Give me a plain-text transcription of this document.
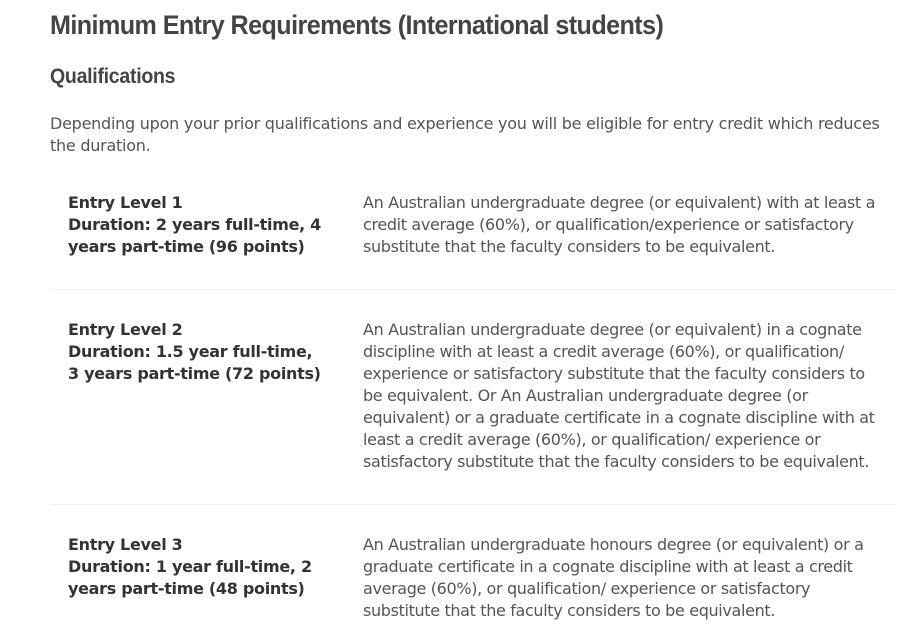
Minimum Entry Requirements (International students)
Qualifications

Depending upon your prior qualifications and experience you will be eligible for entry credit which reduces the duration.

Entry Level 1
Duration: 2 years full-time, 4 years part-time (96 points)
An Australian undergraduate degree (or equivalent) with at least a credit average (60%), or qualification/experience or satisfactory substitute that the faculty considers to be equivalent.
Entry Level 2
Duration: 1.5 year full-time, 3 years part-time (72 points)
An Australian undergraduate degree (or equivalent) in a cognate discipline with at least a credit average (60%), or qualification/ experience or satisfactory substitute that the faculty considers to be equivalent. Or An Australian undergraduate degree (or equivalent) or a graduate certificate in a cognate discipline with at least a credit average (60%), or qualification/ experience or satisfactory substitute that the faculty considers to be equivalent.
Entry Level 3
Duration: 1 year full-time, 2 years part-time (48 points)
An Australian undergraduate honours degree (or equivalent) or a graduate certificate in a cognate discipline with at least a credit average (60%), or qualification/ experience or satisfactory substitute that the faculty considers to be equivalent.
